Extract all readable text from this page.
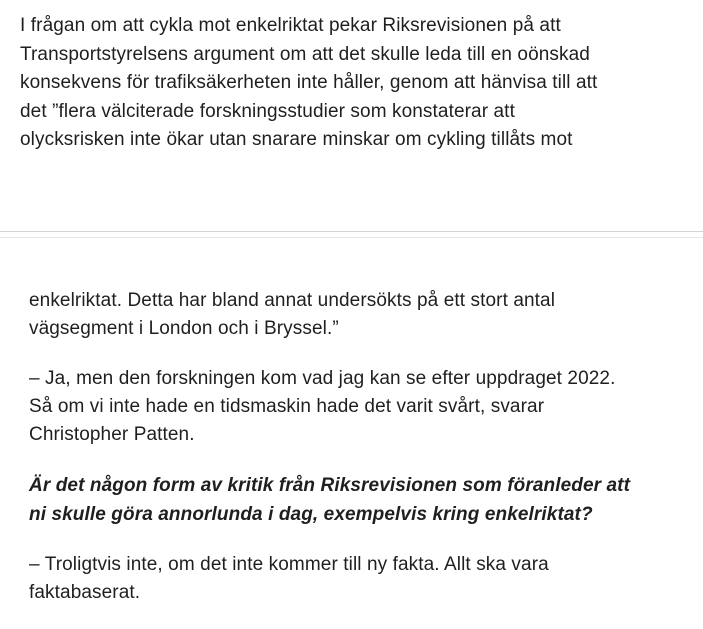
I frågan om att cykla mot enkelriktat pekar Riksrevisionen på att
Transportstyrelsens argument om att det skulle leda till en oönskad
konsekvens för trafiksäkerheten inte håller, genom att hänvisa till att
det ”flera välciterade forskningsstudier som konstaterar att
olycksrisken inte ökar utan snarare minskar om cykling tillåts mot

enkelriktat. Detta har bland annat undersökts på ett stort antal
vägsegment i London och i Bryssel.”

– Ja, men den forskningen kom vad jag kan se efter uppdraget 2022.
Så om vi inte hade en tidsmaskin hade det varit svårt, svarar
Christopher Patten.

Är det någon form av kritik från Riksrevisionen som föranleder att
ni skulle göra annorlunda i dag, exempelvis kring enkelriktat?

– Troligtvis inte, om det inte kommer till ny fakta. Allt ska vara
faktabaserat.
